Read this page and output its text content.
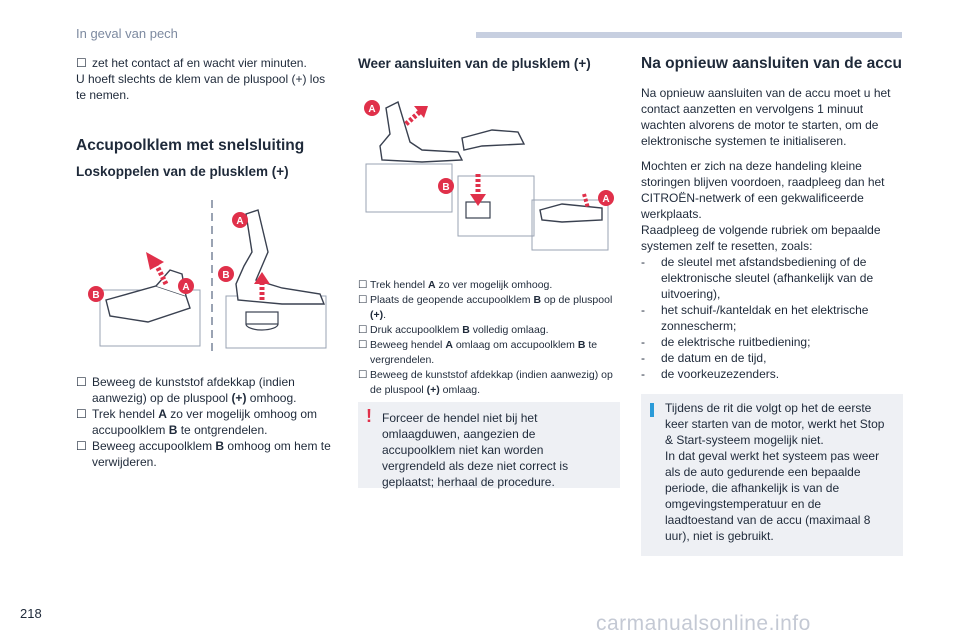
In geval van pech

☐ zet het contact af en wacht vier minuten.

U hoeft slechts de klem van de pluspool (+) los te nemen.

Accupoolklem met snelsluiting
Loskoppelen van de plusklem (+)
A
B
A
B

☐ Beweeg de kunststof afdekkap (indien aanwezig) op de pluspool (+) omhoog.

☐ Trek hendel A zo ver mogelijk omhoog om accupoolklem B te ontgrendelen.

☐ Beweeg accupoolklem B omhoog om hem te verwijderen.

Weer aansluiten van de plusklem (+)
A
B
A

☐ Trek hendel A zo ver mogelijk omhoog.

☐ Plaats de geopende accupoolklem B op de pluspool (+).

☐ Druk accupoolklem B volledig omlaag.

☐ Beweeg hendel A omlaag om accupoolklem B te vergrendelen.

☐ Beweeg de kunststof afdekkap (indien aanwezig) op de pluspool (+) omlaag.

! Forceer de hendel niet bij het omlaagduwen, aangezien de accupoolklem niet kan worden vergrendeld als deze niet correct is geplaatst; herhaal de procedure.
Na opnieuw aansluiten van de accu

Na opnieuw aansluiten van de accu moet u het contact aanzetten en vervolgens 1 minuut wachten alvorens de motor te starten, om de elektronische systemen te initialiseren.

Mochten er zich na deze handeling kleine storingen blijven voordoen, raadpleeg dan het CITROËN-netwerk of een gekwalificeerde werkplaats.

Raadpleeg de volgende rubriek om bepaalde systemen zelf te resetten, zoals:

- de sleutel met afstandsbediening of de elektronische sleutel (afhankelijk van de uitvoering),

- het schuif-/kanteldak en het elektrische zonnescherm;

- de elektrische ruitbediening;

- de datum en de tijd,

- de voorkeuzezenders.

Tijdens de rit die volgt op het de eerste keer starten van de motor, werkt het Stop & Start-systeem mogelijk niet.

In dat geval werkt het systeem pas weer als de auto gedurende een bepaalde periode, die afhankelijk is van de omgevingstemperatuur en de laadtoestand van de accu (maximaal 8 uur), niet is gebruikt.

218	carmanualsonline.info
